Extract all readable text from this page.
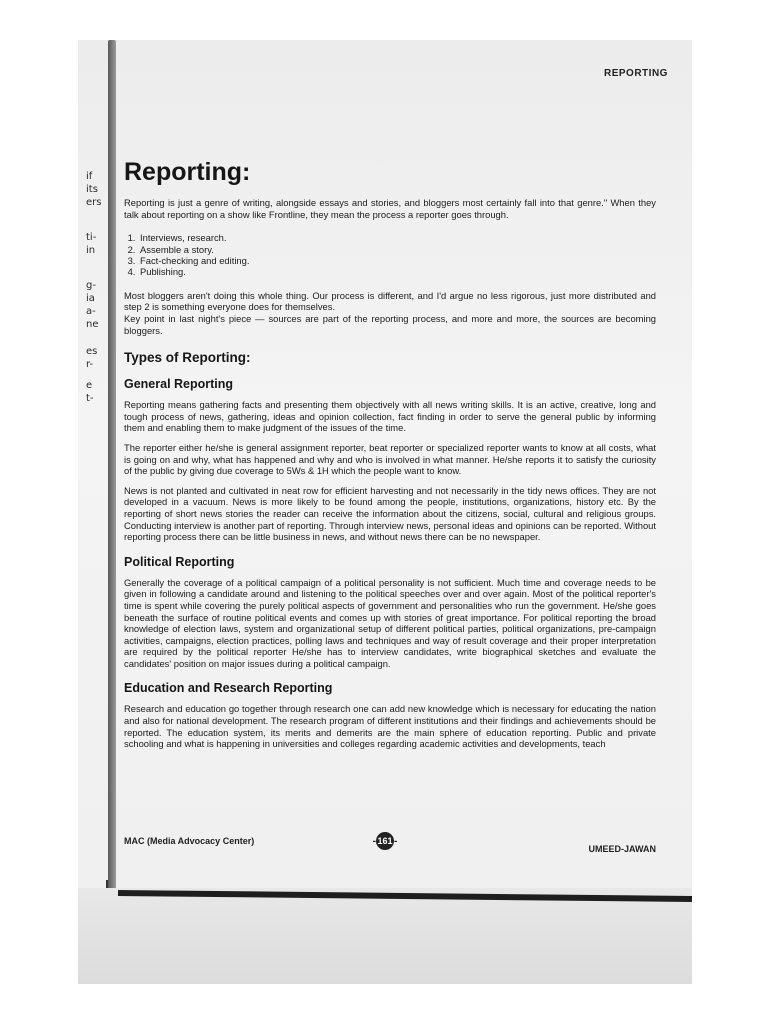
if
its
ers
ti-
in
g-
ia
a-
ne
es
r-
e
t-
REPORTING
Reporting:

Reporting is just a genre of writing, alongside essays and stories, and bloggers most certainly fall into that genre." When they talk about reporting on a show like Frontline, they mean the process a reporter goes through.

1. Interviews, research.
2. Assemble a story.
3. Fact-checking and editing.
4. Publishing.

Most bloggers aren't doing this whole thing. Our process is different, and I'd argue no less rigorous, just more distributed and step 2 is something everyone does for themselves.

Key point in last night's piece — sources are part of the reporting process, and more and more, the sources are becoming bloggers.

Types of Reporting:
General Reporting

Reporting means gathering facts and presenting them objectively with all news writing skills. It is an active, creative, long and tough process of news, gathering, ideas and opinion collection, fact finding in order to serve the general public by informing them and enabling them to make judgment of the issues of the time.

The reporter either he/she is general assignment reporter, beat reporter or specialized reporter wants to know at all costs, what is going on and why, what has happened and why and who is involved in what manner. He/she reports it to satisfy the curiosity of the public by giving due coverage to 5Ws & 1H which the people want to know.

News is not planted and cultivated in neat row for efficient harvesting and not necessarily in the tidy news offices. They are not developed in a vacuum. News is more likely to be found among the people, institutions, organizations, history etc. By the reporting of short news stories the reader can receive the information about the citizens, social, cultural and religious groups. Conducting interview is another part of reporting. Through interview news, personal ideas and opinions can be reported. Without reporting process there can be little business in news, and without news there can be no newspaper.

Political Reporting

Generally the coverage of a political campaign of a political personality is not sufficient. Much time and coverage needs to be given in following a candidate around and listening to the political speeches over and over again. Most of the political reporter's time is spent while covering the purely political aspects of government and personalities who run the government. He/she goes beneath the surface of routine political events and comes up with stories of great importance. For political reporting the broad knowledge of election laws, system and organizational setup of different political parties, political organizations, pre-campaign activities, campaigns, election practices, polling laws and techniques and way of result coverage and their proper interpretation are required by the political reporter He/she has to interview candidates, write biographical sketches and evaluate the candidates' position on major issues during a political campaign.

Education and Research Reporting

Research and education go together through research one can add new knowledge which is necessary for educating the nation and also for national development. The research program of different institutions and their findings and achievements should be reported. The education system, its merits and demerits are the main sphere of education reporting. Public and private schooling and what is happening in universities and colleges regarding academic activities and developments, teach

MAC (Media Advocacy Center)	-161-
UMEED-JAWAN
